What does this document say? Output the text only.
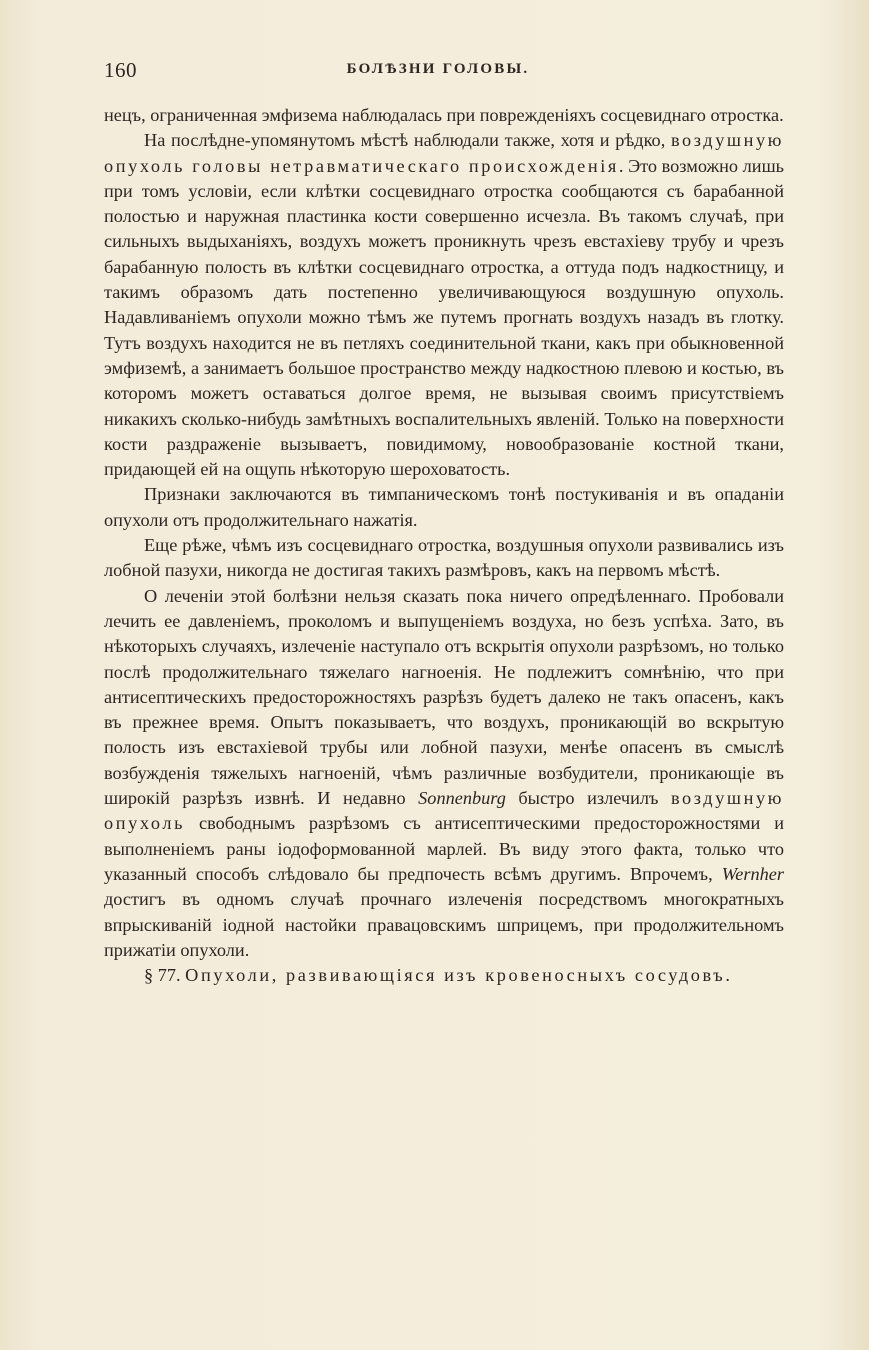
160	БОЛѢЗНИ ГОЛОВЫ.

нецъ, ограниченная эмфизема наблюдалась при поврежденіяхъ сосцевиднаго отростка.

На послѣдне-упомянутомъ мѣстѣ наблюдали также, хотя и рѣдко, воздушную опухоль головы нетравматическаго происхожденія. Это возможно лишь при томъ условіи, если клѣтки сосцевиднаго отростка сообщаются съ барабанной полостью и наружная пластинка кости совершенно исчезла. Въ такомъ случаѣ, при сильныхъ выдыханіяхъ, воздухъ можетъ проникнуть чрезъ евстахіеву трубу и чрезъ барабанную полость въ клѣтки сосцевиднаго отростка, а оттуда подъ надкостницу, и такимъ образомъ дать постепенно увеличивающуюся воздушную опухоль. Надавливаніемъ опухоли можно тѣмъ же путемъ прогнать воздухъ назадъ въ глотку. Тутъ воздухъ находится не въ петляхъ соединительной ткани, какъ при обыкновенной эмфиземѣ, а занимаетъ большое пространство между надкостною плевою и костью, въ которомъ можетъ оставаться долгое время, не вызывая своимъ присутствіемъ никакихъ сколько-нибудь замѣтныхъ воспалительныхъ явленій. Только на поверхности кости раздраженіе вызываетъ, повидимому, новообразованіе костной ткани, придающей ей на ощупь нѣкоторую шероховатость.

Признаки заключаются въ тимпаническомъ тонѣ постукиванія и въ опаданіи опухоли отъ продолжительнаго нажатія.

Еще рѣже, чѣмъ изъ сосцевиднаго отростка, воздушныя опухоли развивались изъ лобной пазухи, никогда не достигая такихъ размѣровъ, какъ на первомъ мѣстѣ.

О леченіи этой болѣзни нельзя сказать пока ничего опредѣленнаго. Пробовали лечить ее давленіемъ, проколомъ и выпущеніемъ воздуха, но безъ успѣха. Зато, въ нѣкоторыхъ случаяхъ, излеченіе наступало отъ вскрытія опухоли разрѣзомъ, но только послѣ продолжительнаго тяжелаго нагноенія. Не подлежитъ сомнѣнію, что при антисептическихъ предосторожностяхъ разрѣзъ будетъ далеко не такъ опасенъ, какъ въ прежнее время. Опытъ показываетъ, что воздухъ, проникающій во вскрытую полость изъ евстахіевой трубы или лобной пазухи, менѣе опасенъ въ смыслѣ возбужденія тяжелыхъ нагноеній, чѣмъ различные возбудители, проникающіе въ широкій разрѣзъ извнѣ. И недавно Sonnenburg быстро излечилъ воздушную опухоль свободнымъ разрѣзомъ съ антисептическими предосторожностями и выполненіемъ раны іодоформованной марлей. Въ виду этого факта, только что указанный способъ слѣдовало бы предпочесть всѣмъ другимъ. Впрочемъ, Wernher достигъ въ одномъ случаѣ прочнаго излеченія посредствомъ многократныхъ впрыскиваній іодной настойки правацовскимъ шприцемъ, при продолжительномъ прижатіи опухоли.

§ 77. Опухоли, развивающіяся изъ кровеносныхъ сосудовъ.
